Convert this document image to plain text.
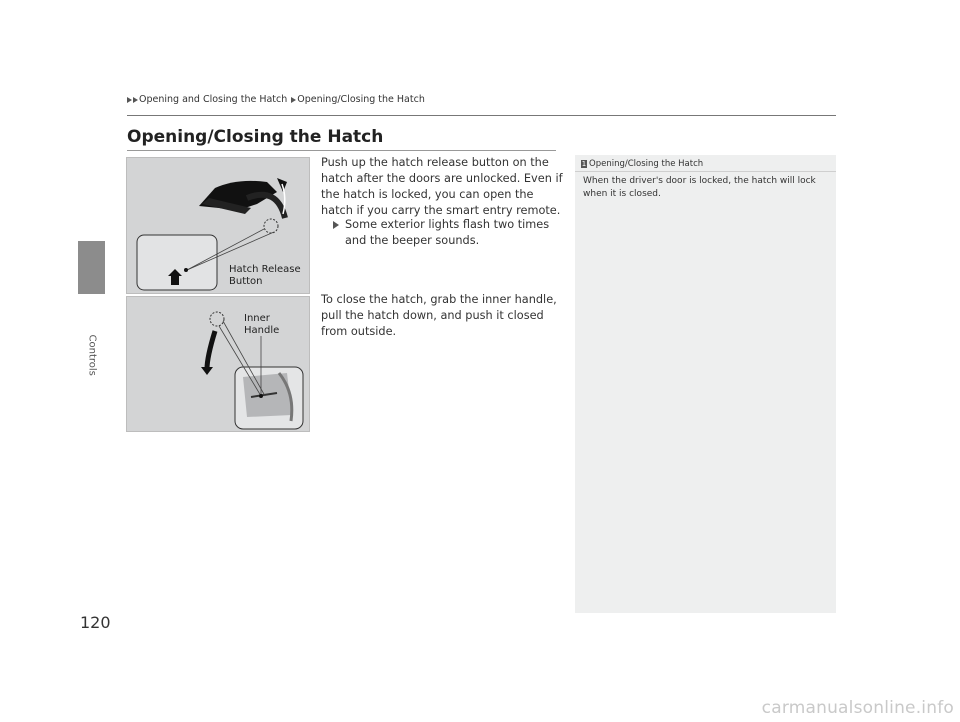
Controls
120
Opening and Closing the Hatch Opening/Closing the Hatch
Opening/Closing the Hatch
Push up the hatch release button on the hatch after the doors are unlocked. Even if the hatch is locked, you can open the hatch if you carry the smart entry remote.
Some exterior lights flash two times and the beeper sounds.
To close the hatch, grab the inner handle, pull the hatch down, and push it closed from outside.
Hatch Release Button
Inner Handle
1 Opening/Closing the Hatch
When the driver's door is locked, the hatch will lock when it is closed.
carmanualsonline.info
